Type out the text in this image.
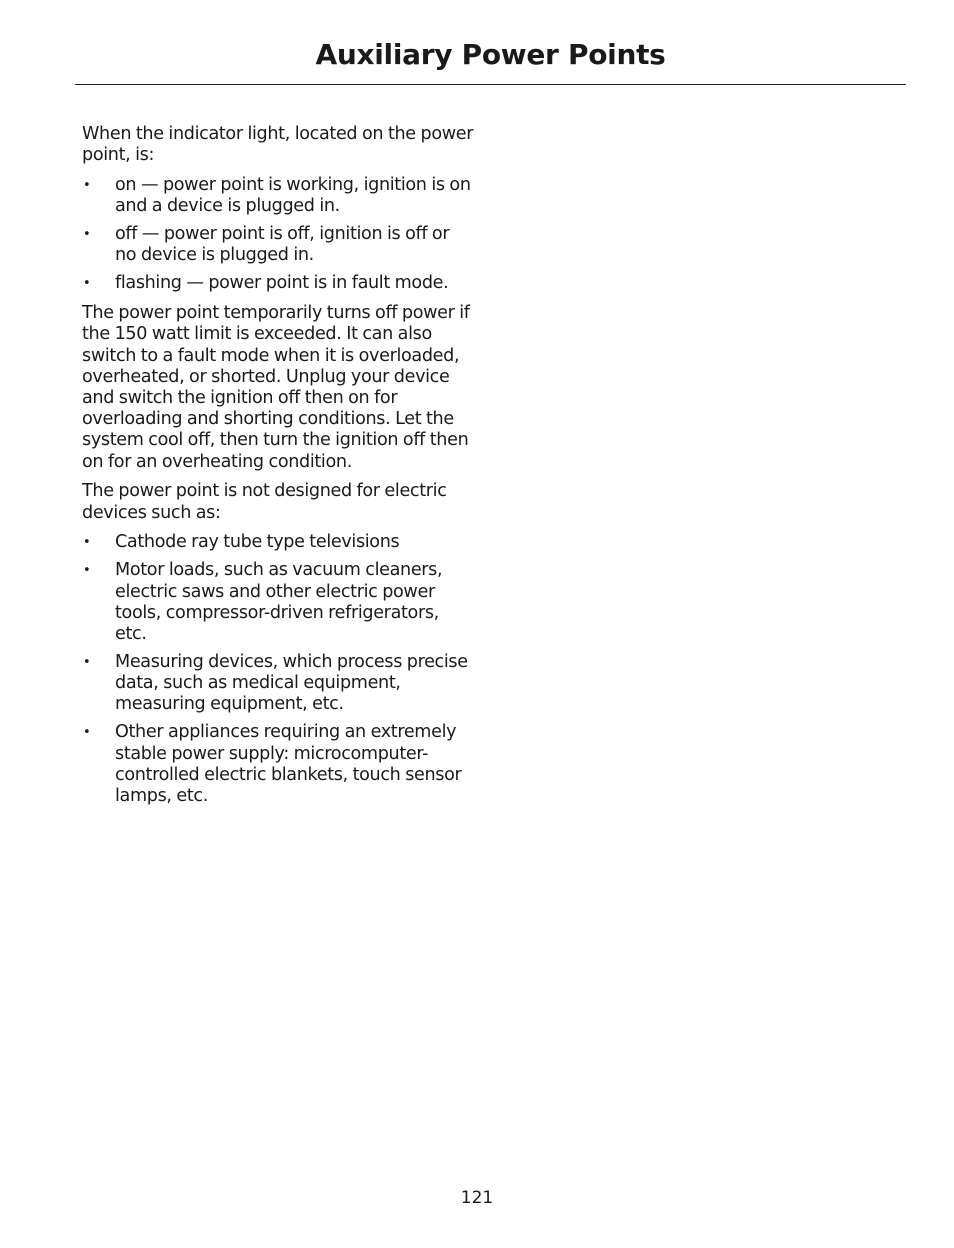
Auxiliary Power Points

When the indicator light, located on the power point, is:

• on — power point is working, ignition is on and a device is plugged in.
• off — power point is off, ignition is off or no device is plugged in.
• flashing — power point is in fault mode.

The power point temporarily turns off power if the 150 watt limit is exceeded. It can also switch to a fault mode when it is overloaded, overheated, or shorted. Unplug your device and switch the ignition off then on for overloading and shorting conditions. Let the system cool off, then turn the ignition off then on for an overheating condition.

The power point is not designed for electric devices such as:

• Cathode ray tube type televisions
• Motor loads, such as vacuum cleaners, electric saws and other electric power tools, compressor-driven refrigerators, etc.
• Measuring devices, which process precise data, such as medical equipment, measuring equipment, etc.
• Other appliances requiring an extremely stable power supply: microcomputer-controlled electric blankets, touch sensor lamps, etc.
121
